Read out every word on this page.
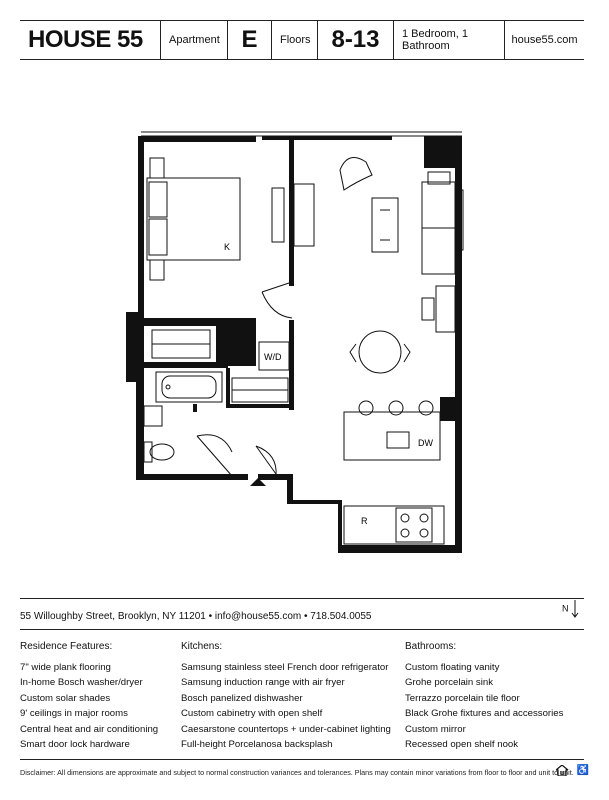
HOUSE 55	Apartment E	Floors 8-13	1 Bedroom, 1 Bathroom	house55.com
K
W/D
DW
R
55 Willoughby Street, Brooklyn, NY 11201 • info@house55.com • 718.504.0055
N
Residence Features:
7" wide plank flooring
In-home Bosch washer/dryer
Custom solar shades
9' ceilings in major rooms
Central heat and air conditioning
Smart door lock hardware
Kitchens:
Samsung stainless steel French door refrigerator
Samsung induction range with air fryer
Bosch panelized dishwasher
Custom cabinetry with open shelf
Caesarstone countertops + under-cabinet lighting
Full-height Porcelanosa backsplash
Bathrooms:
Custom floating vanity
Grohe porcelain sink
Terrazzo porcelain tile floor
Black Grohe fixtures and accessories
Custom mirror
Recessed open shelf nook
Disclaimer: All dimensions are approximate and subject to normal construction variances and tolerances. Plans may contain minor variations from floor to floor and unit to unit. ♿
